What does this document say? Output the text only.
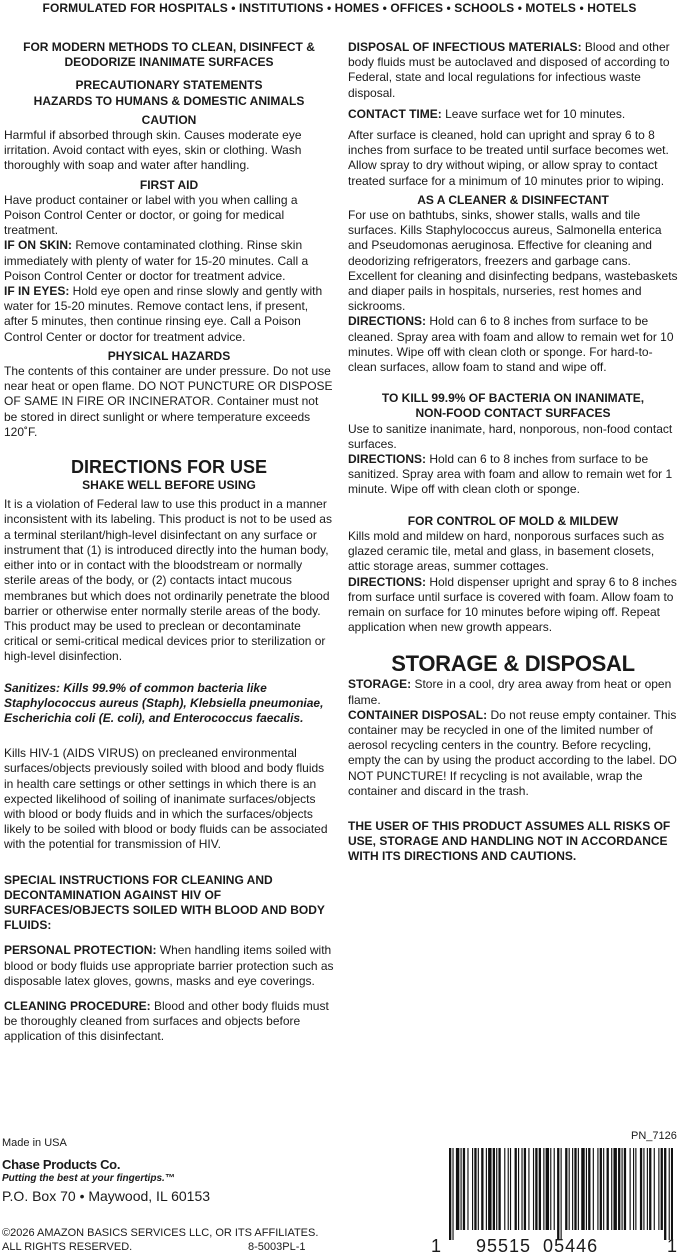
FORMULATED FOR HOSPITALS • INSTITUTIONS • HOMES • OFFICES • SCHOOLS • MOTELS • HOTELS
FOR MODERN METHODS TO CLEAN, DISINFECT &
DEODORIZE INANIMATE SURFACES
PRECAUTIONARY STATEMENTS
HAZARDS TO HUMANS & DOMESTIC ANIMALS
CAUTION

Harmful if absorbed through skin. Causes moderate eye irritation. Avoid contact with eyes, skin or clothing. Wash thoroughly with soap and water after handling.

FIRST AID

Have product container or label with you when calling a Poison Control Center or doctor, or going for medical treatment.

IF ON SKIN: Remove contaminated clothing. Rinse skin immediately with plenty of water for 15-20 minutes. Call a Poison Control Center or doctor for treatment advice.

IF IN EYES: Hold eye open and rinse slowly and gently with water for 15-20 minutes. Remove contact lens, if present, after 5 minutes, then continue rinsing eye. Call a Poison Control Center or doctor for treatment advice.

PHYSICAL HAZARDS

The contents of this container are under pressure. Do not use near heat or open flame. DO NOT PUNCTURE OR DISPOSE OF SAME IN FIRE OR INCINERATOR. Container must not be stored in direct sunlight or where temperature exceeds 120˚F.

DIRECTIONS FOR USE
SHAKE WELL BEFORE USING

It is a violation of Federal law to use this product in a manner inconsistent with its labeling. This product is not to be used as a terminal sterilant/high-level disinfectant on any surface or instrument that (1) is introduced directly into the human body, either into or in contact with the bloodstream or normally sterile areas of the body, or (2) contacts intact mucous membranes but which does not ordinarily penetrate the blood barrier or otherwise enter normally sterile areas of the body. This product may be used to preclean or decontaminate critical or semi-critical medical devices prior to sterilization or high-level disinfection.

Sanitizes: Kills 99.9% of common bacteria like Staphylococcus aureus (Staph), Klebsiella pneumoniae, Escherichia coli (E. coli), and Enterococcus faecalis.

Kills HIV-1 (AIDS VIRUS) on precleaned environmental surfaces/objects previously soiled with blood and body fluids in health care settings or other settings in which there is an expected likelihood of soiling of inanimate surfaces/objects with blood or body fluids and in which the surfaces/objects likely to be soiled with blood or body fluids can be associated with the potential for transmission of HIV.

SPECIAL INSTRUCTIONS FOR CLEANING AND DECONTAMINATION AGAINST HIV OF SURFACES/OBJECTS SOILED WITH BLOOD AND BODY FLUIDS:

PERSONAL PROTECTION: When handling items soiled with blood or body fluids use appropriate barrier protection such as disposable latex gloves, gowns, masks and eye coverings.

CLEANING PROCEDURE: Blood and other body fluids must be thoroughly cleaned from surfaces and objects before application of this disinfectant.

DISPOSAL OF INFECTIOUS MATERIALS: Blood and other body fluids must be autoclaved and disposed of according to Federal, state and local regulations for infectious waste disposal.

CONTACT TIME: Leave surface wet for 10 minutes.

After surface is cleaned, hold can upright and spray 6 to 8 inches from surface to be treated until surface becomes wet. Allow spray to dry without wiping, or allow spray to contact treated surface for a minimum of 10 minutes prior to wiping.

AS A CLEANER & DISINFECTANT

For use on bathtubs, sinks, shower stalls, walls and tile surfaces. Kills Staphylococcus aureus, Salmonella enterica and Pseudomonas aeruginosa. Effective for cleaning and deodorizing refrigerators, freezers and garbage cans. Excellent for cleaning and disinfecting bedpans, wastebaskets and diaper pails in hospitals, nurseries, rest homes and sickrooms.

DIRECTIONS: Hold can 6 to 8 inches from surface to be cleaned. Spray area with foam and allow to remain wet for 10 minutes. Wipe off with clean cloth or sponge. For hard-to-clean surfaces, allow foam to stand and wipe off.

TO KILL 99.9% OF BACTERIA ON INANIMATE,
NON-FOOD CONTACT SURFACES

Use to sanitize inanimate, hard, nonporous, non-food contact surfaces.

DIRECTIONS: Hold can 6 to 8 inches from surface to be sanitized. Spray area with foam and allow to remain wet for 1 minute. Wipe off with clean cloth or sponge.

FOR CONTROL OF MOLD & MILDEW

Kills mold and mildew on hard, nonporous surfaces such as glazed ceramic tile, metal and glass, in basement closets, attic storage areas, summer cottages.

DIRECTIONS: Hold dispenser upright and spray 6 to 8 inches from surface until surface is covered with foam. Allow foam to remain on surface for 10 minutes before wiping off. Repeat application when new growth appears.

STORAGE & DISPOSAL

STORAGE: Store in a cool, dry area away from heat or open flame.

CONTAINER DISPOSAL: Do not reuse empty container. This container may be recycled in one of the limited number of aerosol recycling centers in the country. Before recycling, empty the can by using the product according to the label. DO NOT PUNCTURE! If recycling is not available, wrap the container and discard in the trash.

THE USER OF THIS PRODUCT ASSUMES ALL RISKS OF USE, STORAGE AND HANDLING NOT IN ACCORDANCE WITH ITS DIRECTIONS AND CAUTIONS.

Made in USA
Chase Products Co.
Putting the best at your fingertips.™
P.O. Box 70 • Maywood, IL 60153
©2026 AMAZON BASICS SERVICES LLC, OR ITS AFFILIATES.
ALL RIGHTS RESERVED.	8-5003PL-1
PN_7126
1 95515  05446	1
